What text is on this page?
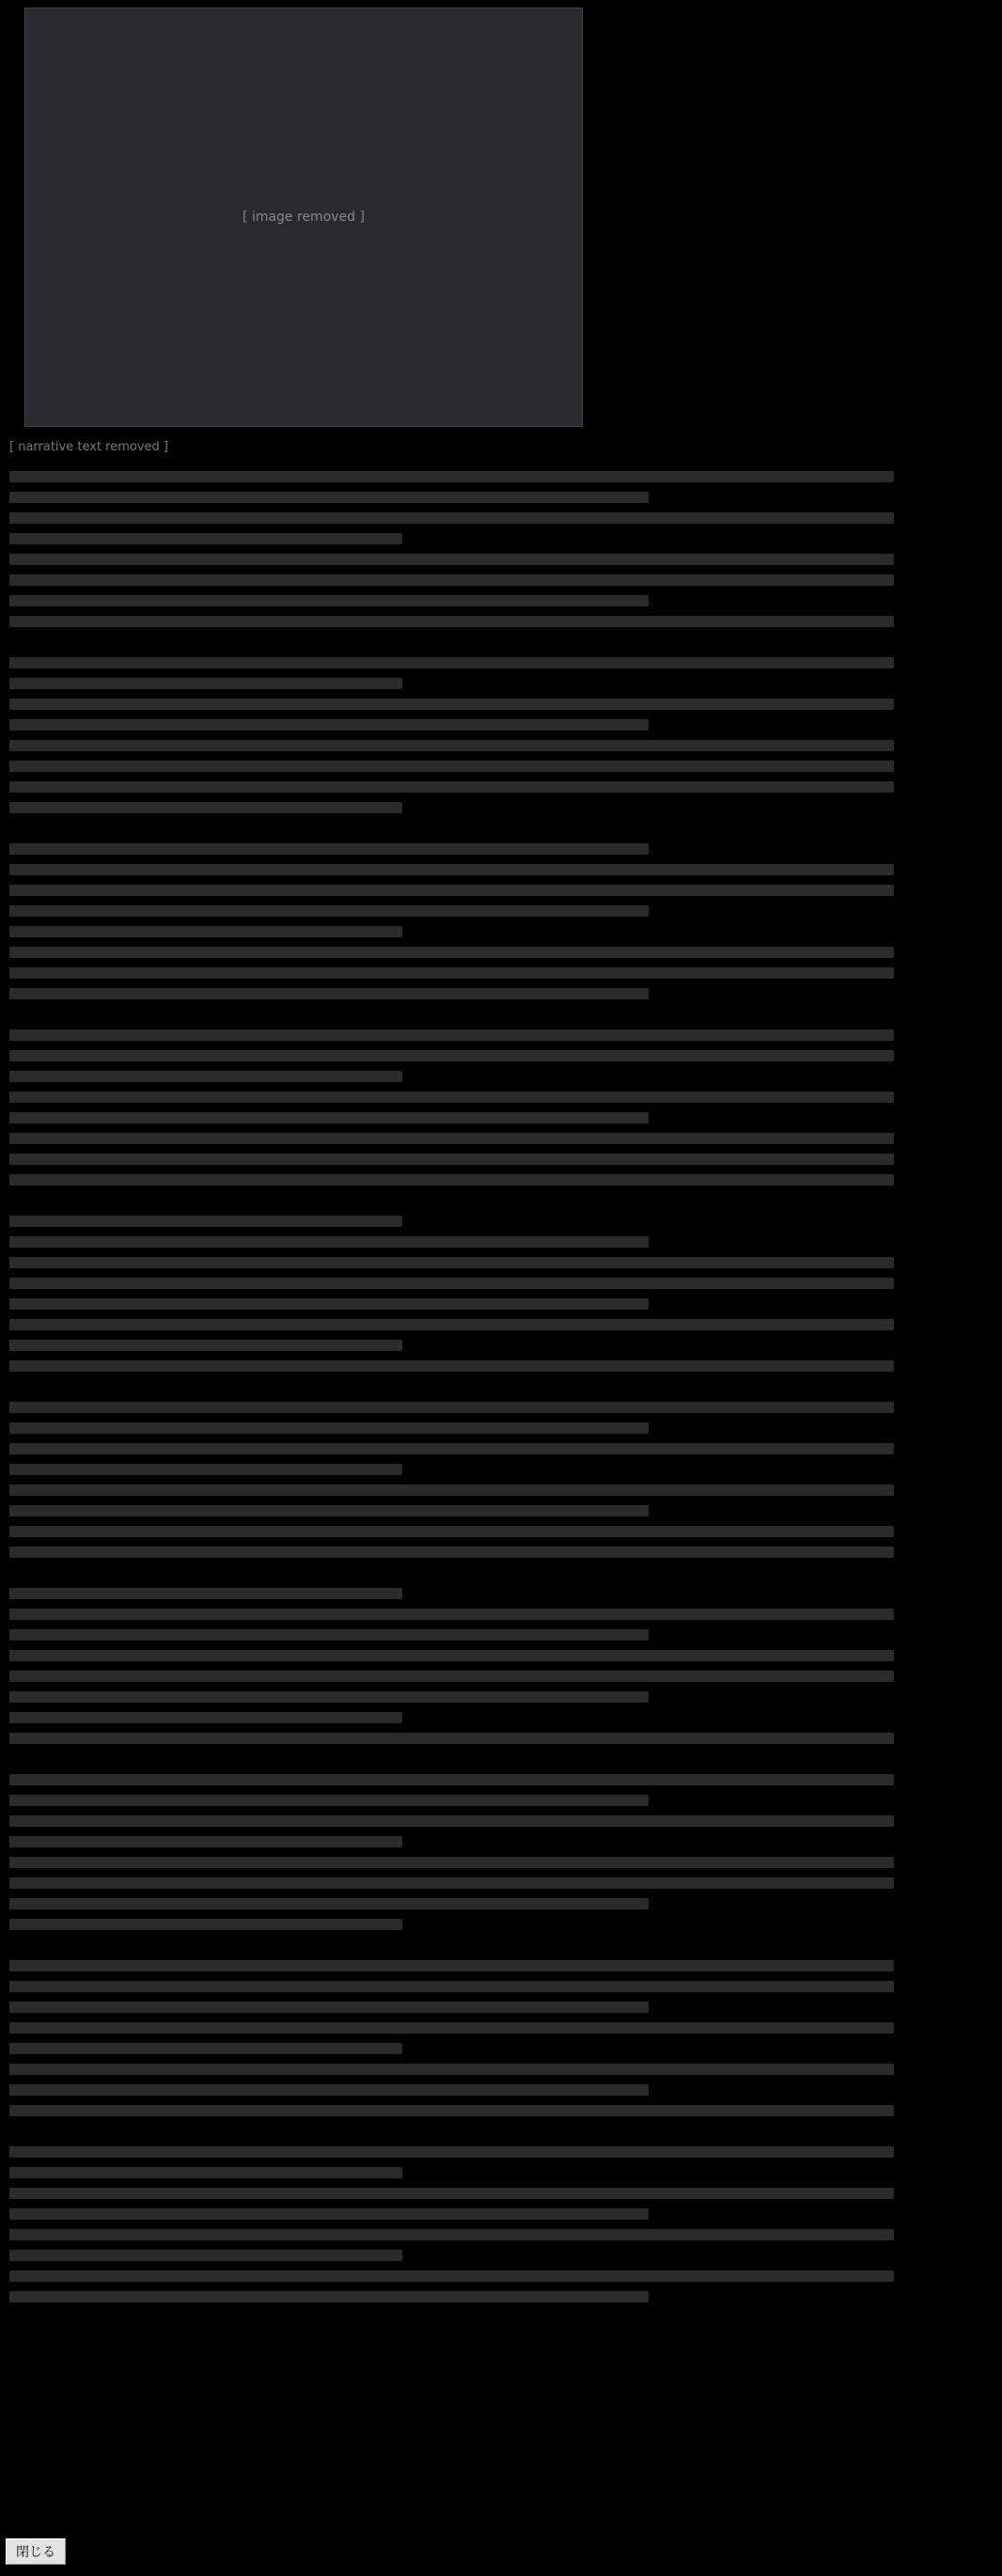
[ image removed ]

[ narrative text removed ]

閉じる
